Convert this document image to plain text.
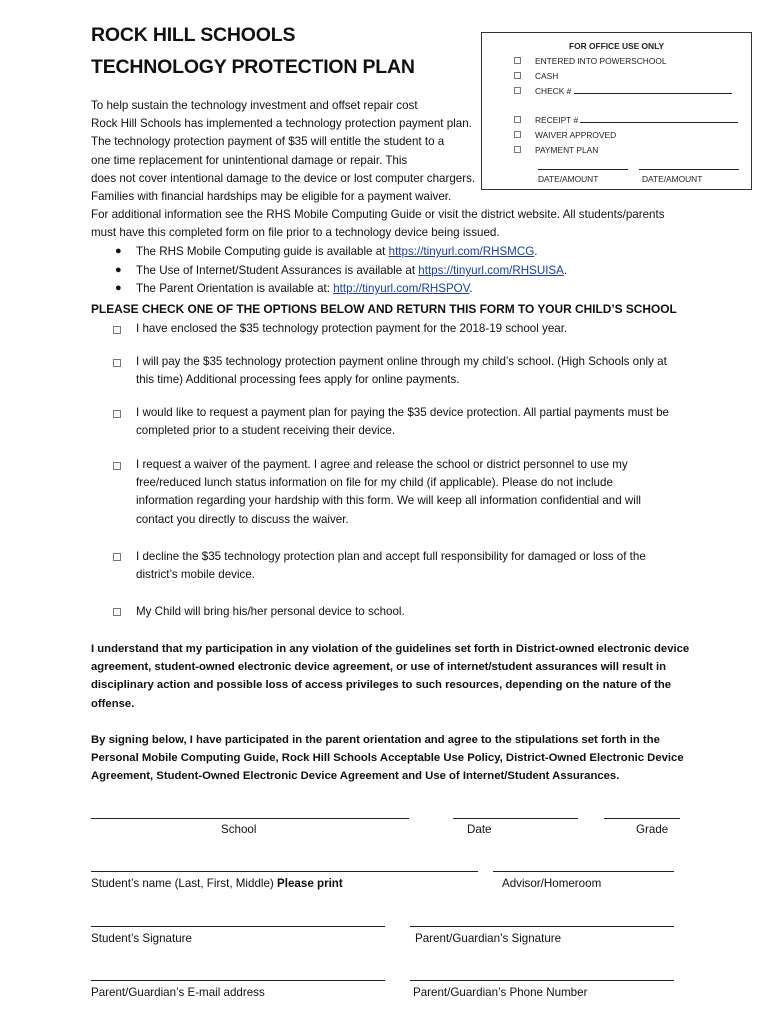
ROCK HILL SCHOOLS
TECHNOLOGY PROTECTION PLAN
FOR OFFICE USE ONLY
ENTERED INTO POWERSCHOOL
CASH
CHECK #
RECEIPT #
WAIVER APPROVED
PAYMENT PLAN
DATE/AMOUNT	DATE/AMOUNT
To help sustain the technology investment and offset repair cost
Rock Hill Schools has implemented a technology protection payment plan.
The technology protection payment of $35 will entitle the student to a
one time replacement for unintentional damage or repair. This
does not cover intentional damage to the device or lost computer chargers.
Families with financial hardships may be eligible for a payment waiver.
For additional information see the RHS Mobile Computing Guide or visit the district website. All students/parents
must have this completed form on file prior to a technology device being issued.
● The RHS Mobile Computing guide is available at https://tinyurl.com/RHSMCG.
● The Use of Internet/Student Assurances is available at https://tinyurl.com/RHSUISA.
● The Parent Orientation is available at: http://tinyurl.com/RHSPOV.
PLEASE CHECK ONE OF THE OPTIONS BELOW AND RETURN THIS FORM TO YOUR CHILD’S SCHOOL
I have enclosed the $35 technology protection payment for the 2018-19 school year.
I will pay the $35 technology protection payment online through my child’s school. (High Schools only at
this time) Additional processing fees apply for online payments.
I would like to request a payment plan for paying the $35 device protection. All partial payments must be
completed prior to a student receiving their device.
I request a waiver of the payment. I agree and release the school or district personnel to use my
free/reduced lunch status information on file for my child (if applicable). Please do not include
information regarding your hardship with this form. We will keep all information confidential and will
contact you directly to discuss the waiver.
I decline the $35 technology protection plan and accept full responsibility for damaged or loss of the
district’s mobile device.
My Child will bring his/her personal device to school.
I understand that my participation in any violation of the guidelines set forth in District-owned electronic device
agreement, student-owned electronic device agreement, or use of internet/student assurances will result in
disciplinary action and possible loss of access privileges to such resources, depending on the nature of the
offense.
By signing below, I have participated in the parent orientation and agree to the stipulations set forth in the
Personal Mobile Computing Guide, Rock Hill Schools Acceptable Use Policy, District-Owned Electronic Device
Agreement, Student-Owned Electronic Device Agreement and Use of Internet/Student Assurances.
School	Date	Grade
Student’s name (Last, First, Middle) Please print	Advisor/Homeroom
Student’s Signature	Parent/Guardian’s Signature
Parent/Guardian’s E-mail address	Parent/Guardian’s Phone Number
